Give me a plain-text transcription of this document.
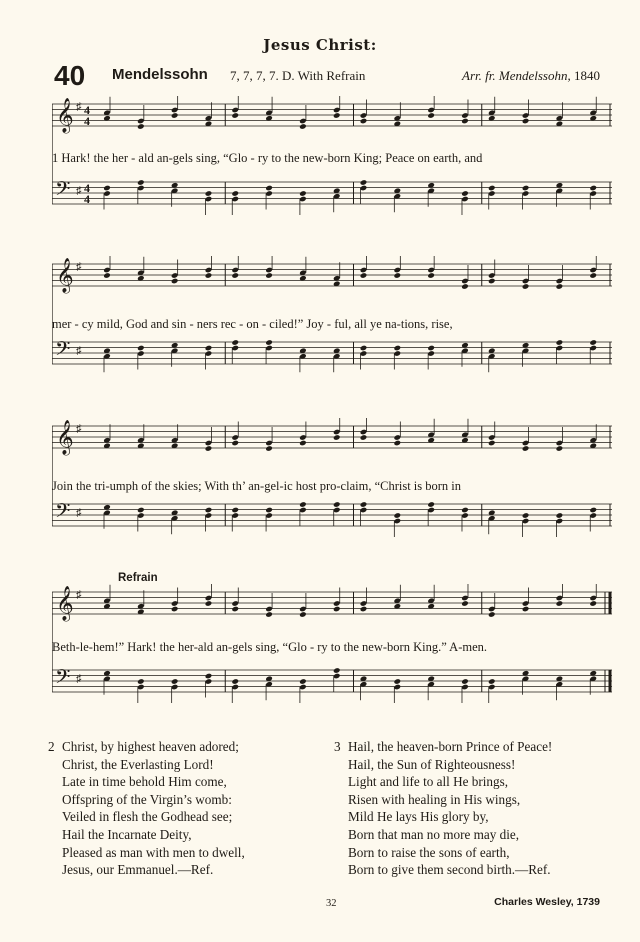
Jesus Christ:
40 Mendelssohn 7, 7, 7, 7. D. With Refrain	Arr. fr. Mendelssohn, 1840
𝄞
𝄢
♯
♯
4
4
4
4
1 Hark! the her - ald an-gels sing, “Glo - ry to the new-born King; Peace on earth, and
𝄞
𝄢
♯
♯
mer - cy mild, God and sin - ners rec - on - ciled!” Joy - ful, all ye na-tions, rise,
𝄞
𝄢
♯
♯
Join the tri-umph of the skies; With th’ an-gel-ic host pro-claim, “Christ is born in
Refrain
𝄞
𝄢
♯
♯
Beth-le-hem!” Hark! the her-ald an-gels sing, “Glo - ry to the new-born King.” A-men.
2 Christ, by highest heaven adored;
Christ, the Everlasting Lord!
Late in time behold Him come,
Offspring of the Virgin’s womb:
Veiled in flesh the Godhead see;
Hail the Incarnate Deity,
Pleased as man with men to dwell,
Jesus, our Emmanuel.—Ref.
3 Hail, the heaven-born Prince of Peace!
Hail, the Sun of Righteousness!
Light and life to all He brings,
Risen with healing in His wings,
Mild He lays His glory by,
Born that man no more may die,
Born to raise the sons of earth,
Born to give them second birth.—Ref.
32	Charles Wesley, 1739
